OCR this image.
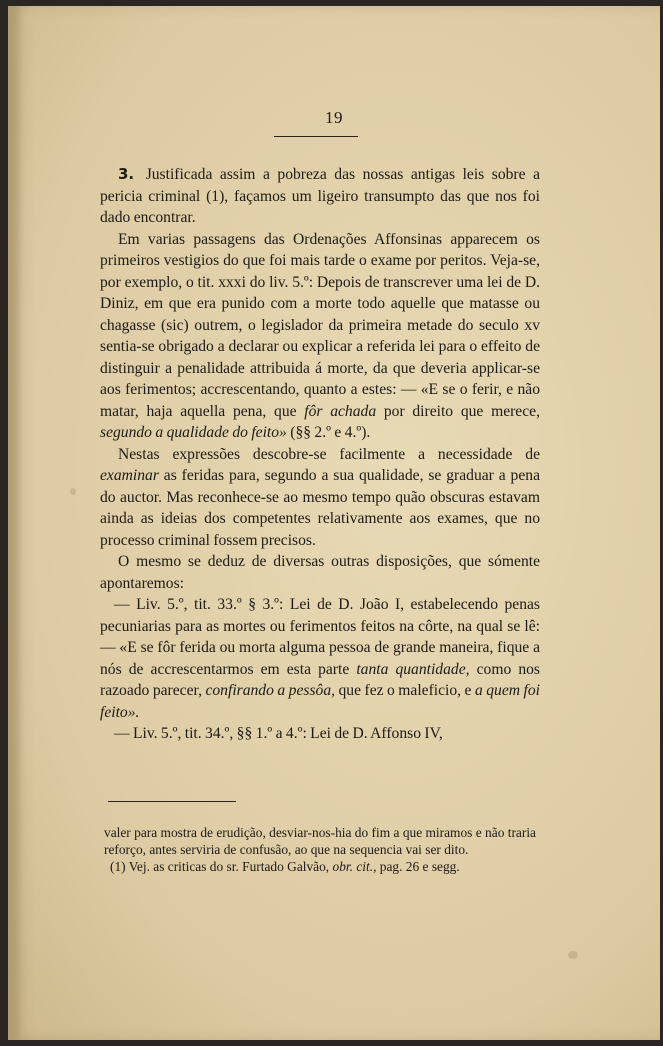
19

3. Justificada assim a pobreza das nossas antigas leis sobre a pericia criminal (1), façamos um ligeiro transumpto das que nos foi dado encontrar.

Em varias passagens das Ordenações Affonsinas apparecem os primeiros vestigios do que foi mais tarde o exame por peritos. Veja-se, por exemplo, o tit. xxxi do liv. 5.º: Depois de transcrever uma lei de D. Diniz, em que era punido com a morte todo aquelle que matasse ou chagasse (sic) outrem, o legislador da primeira metade do seculo xv sentia-se obrigado a declarar ou explicar a referida lei para o effeito de distinguir a penalidade attribuida á morte, da que deveria applicar-se aos ferimentos; accrescentando, quanto a estes: — «E se o ferir, e não matar, haja aquella pena, que fôr achada por direito que merece, segundo a qualidade do feito» (§§ 2.º e 4.º).

Nestas expressões descobre-se facilmente a necessidade de examinar as feridas para, segundo a sua qualidade, se graduar a pena do auctor. Mas reconhece-se ao mesmo tempo quão obscuras estavam ainda as ideias dos competentes relativamente aos exames, que no processo criminal fossem precisos.

O mesmo se deduz de diversas outras disposições, que sómente apontaremos:

— Liv. 5.º, tit. 33.º § 3.º: Lei de D. João I, estabelecendo penas pecuniarias para as mortes ou ferimentos feitos na côrte, na qual se lê: — «E se fôr ferida ou morta alguma pessoa de grande maneira, fique a nós de accrescentarmos em esta parte tanta quantidade, como nos razoado parecer, confirando a pessôa, que fez o maleficio, e a quem foi feito».

— Liv. 5.º, tit. 34.º, §§ 1.º a 4.º: Lei de D. Affonso IV,

valer para mostra de erudição, desviar-nos-hia do fim a que miramos e não traria reforço, antes serviria de confusão, ao que na sequencia vai ser dito.

(1) Vej. as criticas do sr. Furtado Galvão, obr. cit., pag. 26 e segg.
